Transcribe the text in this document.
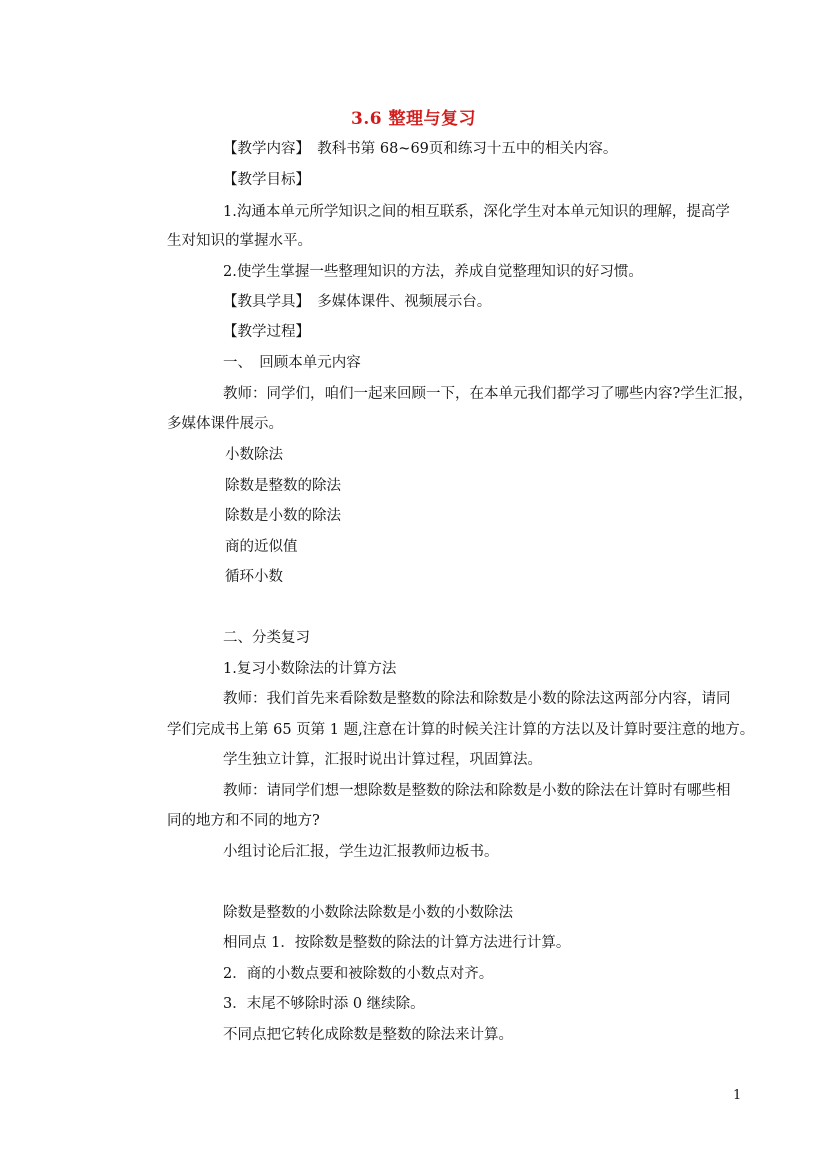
3.6 整理与复习
【教学内容】　教科书第 68~69页和练习十五中的相关内容。
【教学目标】
1.沟通本单元所学知识之间的相互联系，深化学生对本单元知识的理解，提高学
生对知识的掌握水平。
2.使学生掌握一些整理知识的方法，养成自觉整理知识的好习惯。
【教具学具】　多媒体课件、视频展示台。
【教学过程】
一、　回顾本单元内容
教师：同学们，咱们一起来回顾一下，在本单元我们都学习了哪些内容?学生汇报，
多媒体课件展示。
小数除法
除数是整数的除法
除数是小数的除法
商的近似值
循环小数
二、分类复习
1.复习小数除法的计算方法
教师：我们首先来看除数是整数的除法和除数是小数的除法这两部分内容，请同
学们完成书上第 65 页第 1 题,注意在计算的时候关注计算的方法以及计算时要注意的地方。
学生独立计算，汇报时说出计算过程，巩固算法。
教师：请同学们想一想除数是整数的除法和除数是小数的除法在计算时有哪些相
同的地方和不同的地方?
小组讨论后汇报，学生边汇报教师边板书。
除数是整数的小数除法除数是小数的小数除法
相同点 1．按除数是整数的除法的计算方法进行计算。
2．商的小数点要和被除数的小数点对齐。
3．末尾不够除时添 0 继续除。
不同点把它转化成除数是整数的除法来计算。
1
